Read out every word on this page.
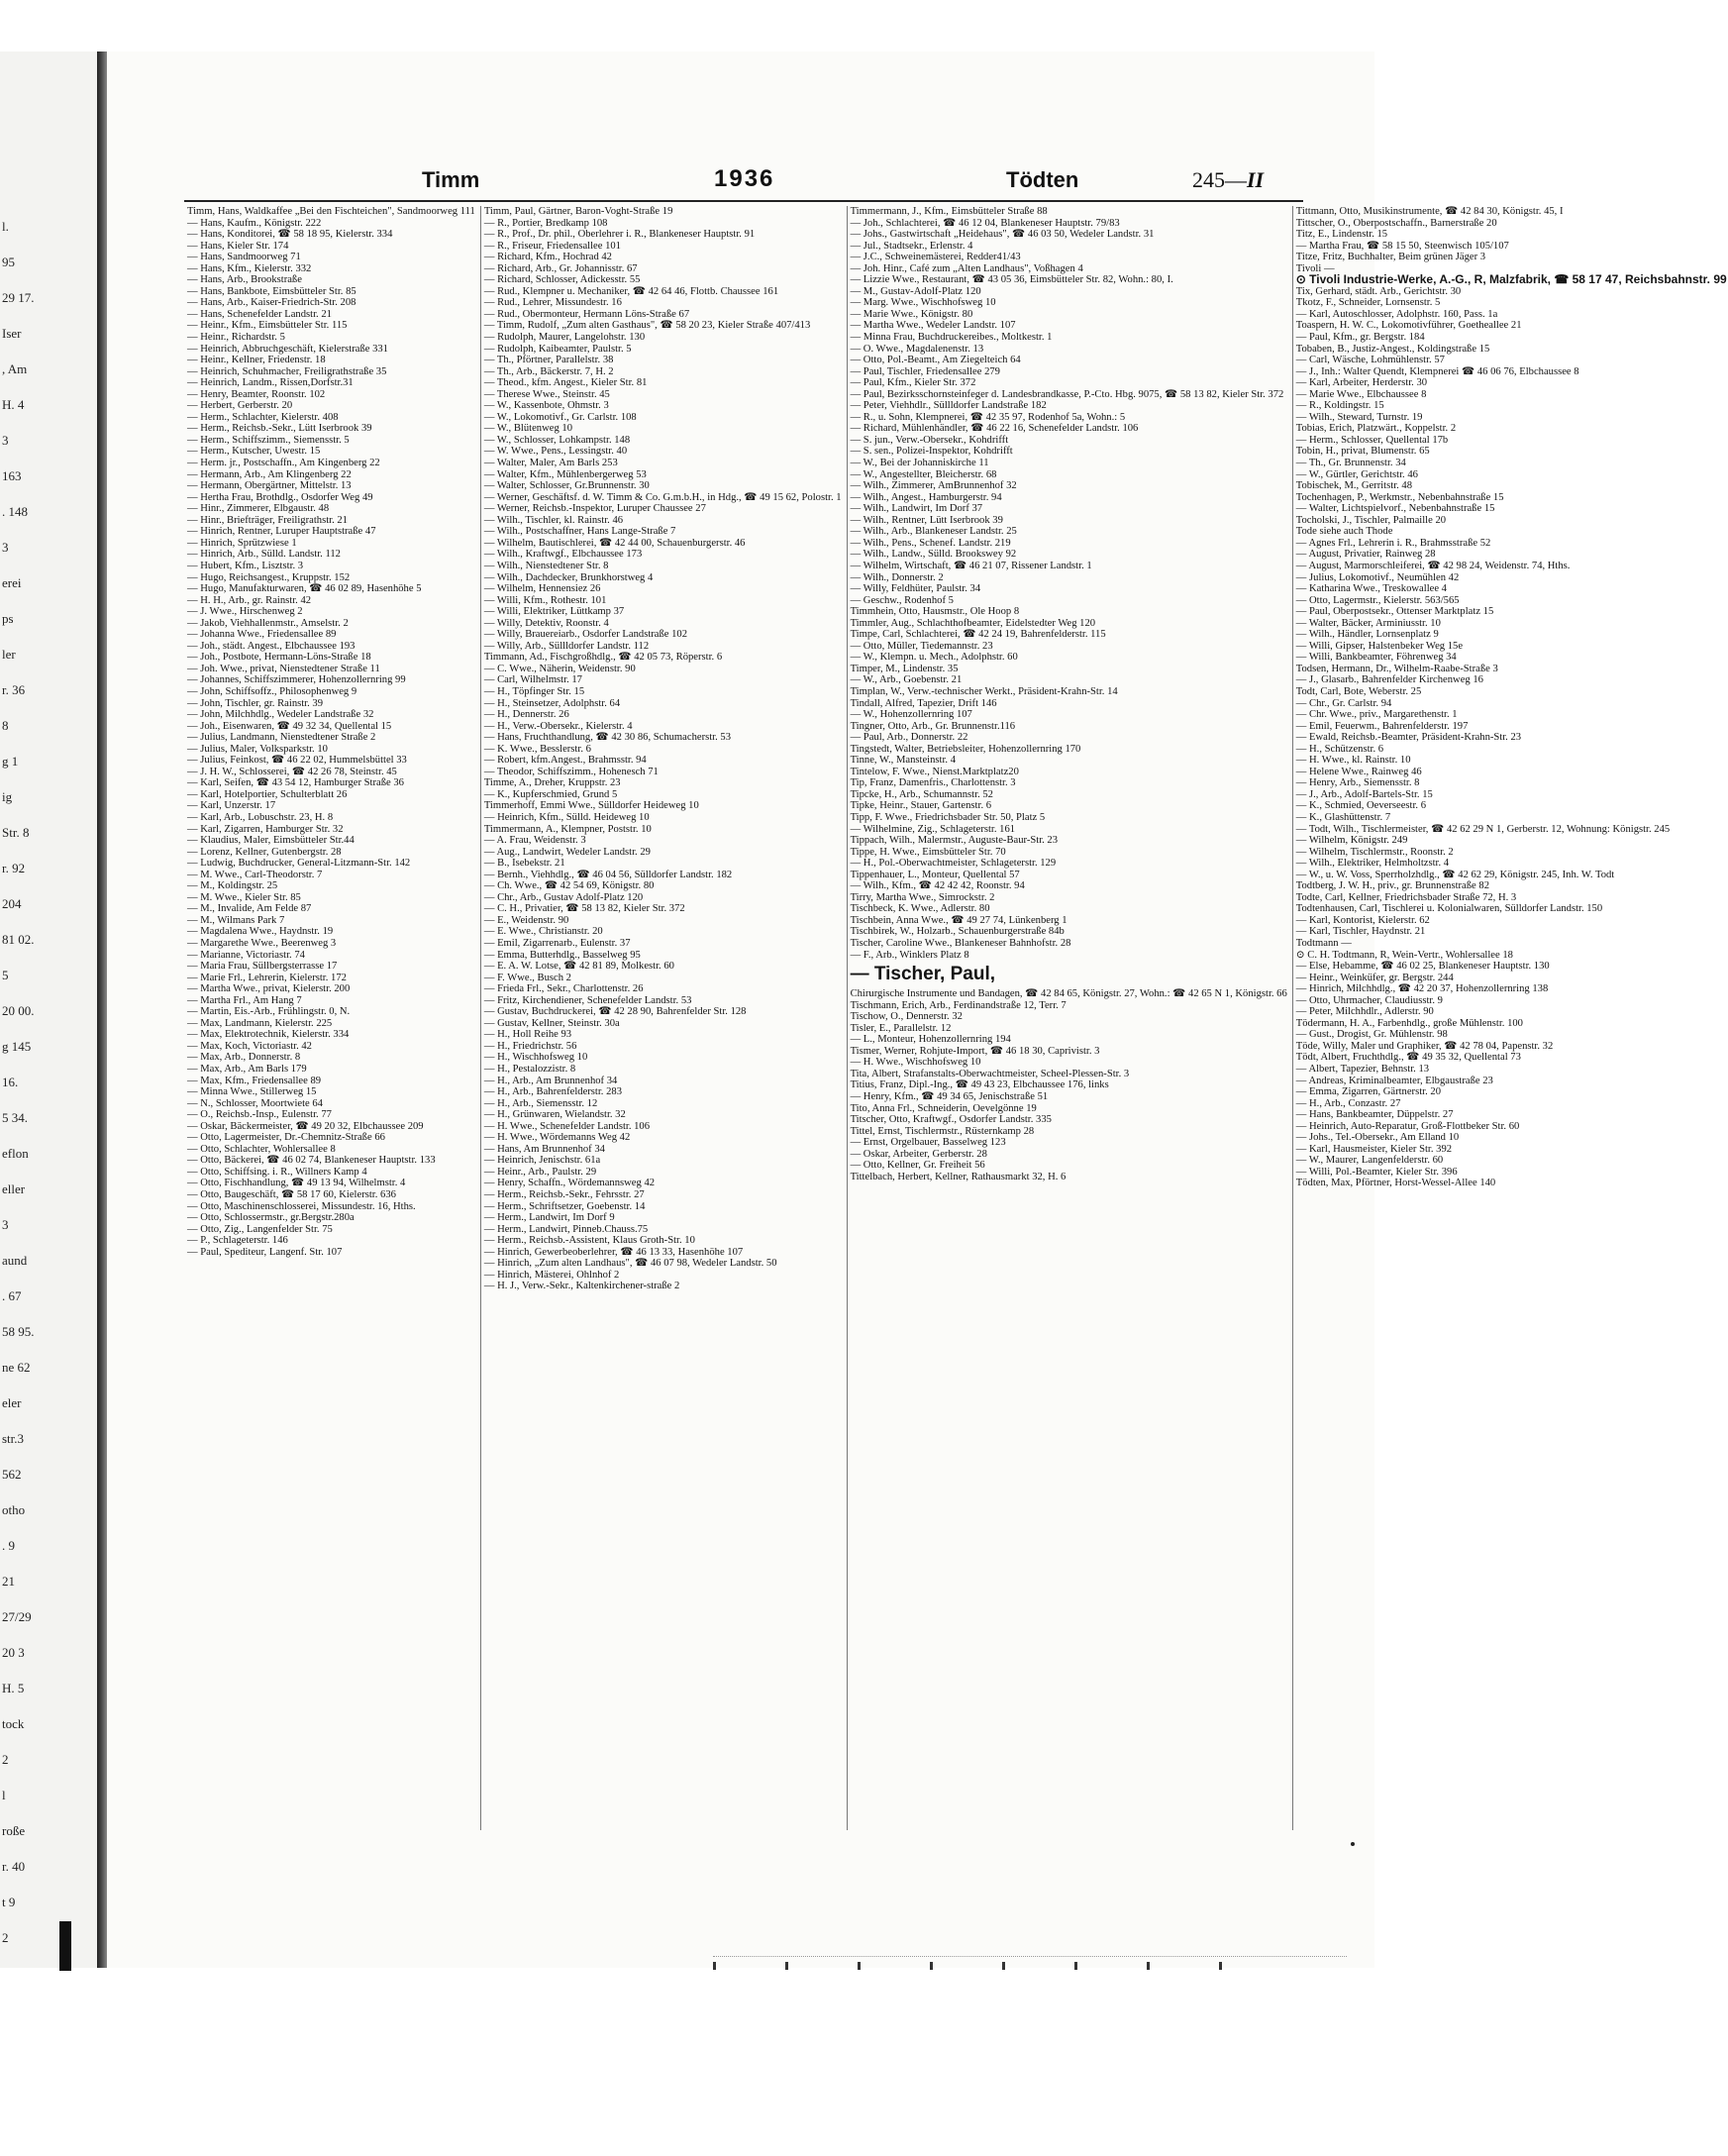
l.
95
29 17.
Iser
, Am
H. 4
3
163
. 148
3
erei
ps
ler
r. 36
8
g 1
ig
Str. 8
r. 92
204
81 02.
5
20 00.
g 145
16.
5 34.
eflon
eller
3
aund
. 67
58 95.
ne 62
eler
str.3
562
otho
. 9
21
27/29
20 3
H. 5
tock
2
l
roße
r. 40
t 9
2
Timm	1936	Tödten	245—II
Timm, Hans, Waldkaffee „Bei den Fischteichen", Sandmoorweg 111
— Hans, Kaufm., Königstr. 222
— Hans, Konditorei, ☎ 58 18 95, Kielerstr. 334
— Hans, Kieler Str. 174
— Hans, Sandmoorweg 71
— Hans, Kfm., Kielerstr. 332
— Hans, Arb., Brookstraße
— Hans, Bankbote, Eimsbütteler Str. 85
— Hans, Arb., Kaiser-Friedrich-Str. 208
— Hans, Schenefelder Landstr. 21
— Heinr., Kfm., Eimsbütteler Str. 115
— Heinr., Richardstr. 5
— Heinrich, Abbruchgeschäft, Kielerstraße 331
— Heinr., Kellner, Friedenstr. 18
— Heinrich, Schuhmacher, Freiligrathstraße 35
— Heinrich, Landm., Rissen,Dorfstr.31
— Henry, Beamter, Roonstr. 102
— Herbert, Gerberstr. 20
— Herm., Schlachter, Kielerstr. 408
— Herm., Reichsb.-Sekr., Lütt Iserbrook 39
— Herm., Schiffszimm., Siemensstr. 5
— Herm., Kutscher, Uwestr. 15
— Herm. jr., Postschaffn., Am Kingenberg 22
— Hermann, Arb., Am Klingenberg 22
— Hermann, Obergärtner, Mittelstr. 13
— Hertha Frau, Brothdlg., Osdorfer Weg 49
— Hinr., Zimmerer, Elbgaustr. 48
— Hinr., Briefträger, Freiligrathstr. 21
— Hinrich, Rentner, Luruper Hauptstraße 47
— Hinrich, Sprützwiese 1
— Hinrich, Arb., Sülld. Landstr. 112
— Hubert, Kfm., Lisztstr. 3
— Hugo, Reichsangest., Kruppstr. 152
— Hugo, Manufakturwaren, ☎ 46 02 89, Hasenhöhe 5
— H. H., Arb., gr. Rainstr. 42
— J. Wwe., Hirschenweg 2
— Jakob, Viehhallenmstr., Amselstr. 2
— Johanna Wwe., Friedensallee 89
— Joh., städt. Angest., Elbchaussee 193
— Joh., Postbote, Hermann-Löns-Straße 18
— Joh. Wwe., privat, Nienstedtener Straße 11
— Johannes, Schiffszimmerer, Hohenzollernring 99
— John, Schiffsoffz., Philosophenweg 9
— John, Tischler, gr. Rainstr. 39
— John, Milchhdlg., Wedeler Landstraße 32
— Joh., Eisenwaren, ☎ 49 32 34, Quellental 15
— Julius, Landmann, Nienstedtener Straße 2
— Julius, Maler, Volksparkstr. 10
— Julius, Feinkost, ☎ 46 22 02, Hummelsbüttel 33
— J. H. W., Schlosserei, ☎ 42 26 78, Steinstr. 45
— Karl, Seifen, ☎ 43 54 12, Hamburger Straße 36
— Karl, Hotelportier, Schulterblatt 26
— Karl, Unzerstr. 17
— Karl, Arb., Lobuschstr. 23, H. 8
— Karl, Zigarren, Hamburger Str. 32
— Klaudius, Maler, Eimsbütteler Str.44
— Lorenz, Kellner, Gutenbergstr. 28
— Ludwig, Buchdrucker, General-Litzmann-Str. 142
— M. Wwe., Carl-Theodorstr. 7
— M., Koldingstr. 25
— M. Wwe., Kieler Str. 85
— M., Invalide, Am Felde 87
— M., Wilmans Park 7
— Magdalena Wwe., Haydnstr. 19
— Margarethe Wwe., Beerenweg 3
— Marianne, Victoriastr. 74
— Maria Frau, Süllbergsterrasse 17
— Marie Frl., Lehrerin, Kielerstr. 172
— Martha Wwe., privat, Kielerstr. 200
— Martha Frl., Am Hang 7
— Martin, Eis.-Arb., Frühlingstr. 0, N.
— Max, Landmann, Kielerstr. 225
— Max, Elektrotechnik, Kielerstr. 334
— Max, Koch, Victoriastr. 42
— Max, Arb., Donnerstr. 8
— Max, Arb., Am Barls 179
— Max, Kfm., Friedensallee 89
— Minna Wwe., Stillerweg 15
— N., Schlosser, Moortwiete 64
— O., Reichsb.-Insp., Eulenstr. 77
— Oskar, Bäckermeister, ☎ 49 20 32, Elbchaussee 209
— Otto, Lagermeister, Dr.-Chemnitz-Straße 66
— Otto, Schlachter, Wohlersallee 8
— Otto, Bäckerei, ☎ 46 02 74, Blankeneser Hauptstr. 133
— Otto, Schiffsing. i. R., Willners Kamp 4
— Otto, Fischhandlung, ☎ 49 13 94, Wilhelmstr. 4
— Otto, Baugeschäft, ☎ 58 17 60, Kielerstr. 636
— Otto, Maschinenschlosserei, Missundestr. 16, Hths.
— Otto, Schlossermstr., gr.Bergstr.280a
— Otto, Zig., Langenfelder Str. 75
— P., Schlageterstr. 146
— Paul, Spediteur, Langenf. Str. 107
Timm, Paul, Gärtner, Baron-Voght-Straße 19
— R., Portier, Bredkamp 108
— R., Prof., Dr. phil., Oberlehrer i. R., Blankeneser Hauptstr. 91
— R., Friseur, Friedensallee 101
— Richard, Kfm., Hochrad 42
— Richard, Arb., Gr. Johannisstr. 67
— Richard, Schlosser, Adickesstr. 55
— Rud., Klempner u. Mechaniker, ☎ 42 64 46, Flottb. Chaussee 161
— Rud., Lehrer, Missundestr. 16
— Rud., Obermonteur, Hermann Löns-Straße 67
— Timm, Rudolf, „Zum alten Gasthaus", ☎ 58 20 23, Kieler Straße 407/413
— Rudolph, Maurer, Langelohstr. 130
— Rudolph, Kaibeamter, Paulstr. 5
— Th., Pförtner, Parallelstr. 38
— Th., Arb., Bäckerstr. 7, H. 2
— Theod., kfm. Angest., Kieler Str. 81
— Therese Wwe., Steinstr. 45
— W., Kassenbote, Ohmstr. 3
— W., Lokomotivf., Gr. Carlstr. 108
— W., Blütenweg 10
— W., Schlosser, Lohkampstr. 148
— W. Wwe., Pens., Lessingstr. 40
— Walter, Maler, Am Barls 253
— Walter, Kfm., Mühlenbergerweg 53
— Walter, Schlosser, Gr.Brunnenstr. 30
— Werner, Geschäftsf. d. W. Timm & Co. G.m.b.H., in Hdg., ☎ 49 15 62, Polostr. 1
— Werner, Reichsb.-Inspektor, Luruper Chaussee 27
— Wilh., Tischler, kl. Rainstr. 46
— Wilh., Postschaffner, Hans Lange-Straße 7
— Wilhelm, Bautischlerei, ☎ 42 44 00, Schauenburgerstr. 46
— Wilh., Kraftwgf., Elbchaussee 173
— Wilh., Nienstedtener Str. 8
— Wilh., Dachdecker, Brunkhorstweg 4
— Wilhelm, Hennensiez 26
— Willi, Kfm., Rothestr. 101
— Willi, Elektriker, Lüttkamp 37
— Willy, Detektiv, Roonstr. 4
— Willy, Brauereiarb., Osdorfer Landstraße 102
— Willy, Arb., Süllldorfer Landstr. 112
Timmann, Ad., Fischgroßhdlg., ☎ 42 05 73, Röperstr. 6
— C. Wwe., Näherin, Weidenstr. 90
— Carl, Wilhelmstr. 17
— H., Töpfinger Str. 15
— H., Steinsetzer, Adolphstr. 64
— H., Dennerstr. 26
— H., Verw.-Obersekr., Kielerstr. 4
— Hans, Fruchthandlung, ☎ 42 30 86, Schumacherstr. 53
— K. Wwe., Besslerstr. 6
— Robert, kfm.Angest., Brahmsstr. 94
— Theodor, Schiffszimm., Hohenesch 71
Timme, A., Dreher, Kruppstr. 23
— K., Kupferschmied, Grund 5
Timmerhoff, Emmi Wwe., Sülldorfer Heideweg 10
— Heinrich, Kfm., Sülld. Heideweg 10
Timmermann, A., Klempner, Poststr. 10
— A. Frau, Weidenstr. 3
— Aug., Landwirt, Wedeler Landstr. 29
— B., Isebekstr. 21
— Bernh., Viehhdlg., ☎ 46 04 56, Sülldorfer Landstr. 182
— Ch. Wwe., ☎ 42 54 69, Königstr. 80
— Chr., Arb., Gustav Adolf-Platz 120
— C. H., Privatier, ☎ 58 13 82, Kieler Str. 372
— E., Weidenstr. 90
— E. Wwe., Christianstr. 20
— Emil, Zigarrenarb., Eulenstr. 37
— Emma, Butterhdlg., Basselweg 95
— E. A. W. Lotse, ☎ 42 81 89, Molkestr. 60
— F. Wwe., Busch 2
— Frieda Frl., Sekr., Charlottenstr. 26
— Fritz, Kirchendiener, Schenefelder Landstr. 53
— Gustav, Buchdruckerei, ☎ 42 28 90, Bahrenfelder Str. 128
— Gustav, Kellner, Steinstr. 30a
— H., Holl Reihe 93
— H., Friedrichstr. 56
— H., Wischhofsweg 10
— H., Pestalozzistr. 8
— H., Arb., Am Brunnenhof 34
— H., Arb., Bahrenfelderstr. 283
— H., Arb., Siemensstr. 12
— H., Grünwaren, Wielandstr. 32
— H. Wwe., Schenefelder Landstr. 106
— H. Wwe., Wördemanns Weg 42
— Hans, Am Brunnenhof 34
— Heinrich, Jenischstr. 61a
— Heinr., Arb., Paulstr. 29
— Henry, Schaffn., Wördemannsweg 42
— Herm., Reichsb.-Sekr., Fehrsstr. 27
— Herm., Schriftsetzer, Goebenstr. 14
— Herm., Landwirt, Im Dorf 9
— Herm., Landwirt, Pinneb.Chauss.75
— Herm., Reichsb.-Assistent, Klaus Groth-Str. 10
— Hinrich, Gewerbeoberlehrer, ☎ 46 13 33, Hasenhöhe 107
— Hinrich, „Zum alten Landhaus", ☎ 46 07 98, Wedeler Landstr. 50
— Hinrich, Mästerei, Ohlnhof 2
— H. J., Verw.-Sekr., Kaltenkirchener-straße 2
Timmermann, J., Kfm., Eimsbütteler Straße 88
— Joh., Schlachterei, ☎ 46 12 04, Blankeneser Hauptstr. 79/83
— Johs., Gastwirtschaft „Heidehaus", ☎ 46 03 50, Wedeler Landstr. 31
— Jul., Stadtsekr., Erlenstr. 4
— J.C., Schweinemästerei, Redder41/43
— Joh. Hinr., Café zum „Alten Landhaus", Voßhagen 4
— Lizzie Wwe., Restaurant, ☎ 43 05 36, Eimsbütteler Str. 82, Wohn.: 80, I.
— M., Gustav-Adolf-Platz 120
— Marg. Wwe., Wischhofsweg 10
— Marie Wwe., Königstr. 80
— Martha Wwe., Wedeler Landstr. 107
— Minna Frau, Buchdruckereibes., Moltkestr. 1
— O. Wwe., Magdalenenstr. 13
— Otto, Pol.-Beamt., Am Ziegelteich 64
— Paul, Tischler, Friedensallee 279
— Paul, Kfm., Kieler Str. 372
— Paul, Bezirksschornsteinfeger d. Landesbrandkasse, P.-Cto. Hbg. 9075, ☎ 58 13 82, Kieler Str. 372
— Peter, Viehhdlr., Süllldorfer Landstraße 182
— R., u. Sohn, Klempnerei, ☎ 42 35 97, Rodenhof 5a, Wohn.: 5
— Richard, Mühlenhändler, ☎ 46 22 16, Schenefelder Landstr. 106
— S. jun., Verw.-Obersekr., Kohdrifft
— S. sen., Polizei-Inspektor, Kohdrifft
— W., Bei der Johanniskirche 11
— W., Angestellter, Bleicherstr. 68
— Wilh., Zimmerer, AmBrunnenhof 32
— Wilh., Angest., Hamburgerstr. 94
— Wilh., Landwirt, Im Dorf 37
— Wilh., Rentner, Lütt Iserbrook 39
— Wilh., Arb., Blankeneser Landstr. 25
— Wilh., Pens., Schenef. Landstr. 219
— Wilh., Landw., Sülld. Brookswey 92
— Wilhelm, Wirtschaft, ☎ 46 21 07, Rissener Landstr. 1
— Wilh., Donnerstr. 2
— Willy, Feldhüter, Paulstr. 34
— Geschw., Rodenhof 5
Timmhein, Otto, Hausmstr., Ole Hoop 8
Timmler, Aug., Schlachthofbeamter, Eidelstedter Weg 120
Timpe, Carl, Schlachterei, ☎ 42 24 19, Bahrenfelderstr. 115
— Otto, Müller, Tiedemannstr. 23
— W., Klempn. u. Mech., Adolphstr. 60
Timper, M., Lindenstr. 35
— W., Arb., Goebenstr. 21
Timplan, W., Verw.-technischer Werkt., Präsident-Krahn-Str. 14
Tindall, Alfred, Tapezier, Drift 146
— W., Hohenzollernring 107
Tingner, Otto, Arb., Gr. Brunnenstr.116
— Paul, Arb., Donnerstr. 22
Tingstedt, Walter, Betriebsleiter, Hohenzollernring 170
Tinne, W., Mansteinstr. 4
Tintelow, F. Wwe., Nienst.Marktplatz20
Tip, Franz, Damenfris., Charlottenstr. 3
Tipcke, H., Arb., Schumannstr. 52
Tipke, Heinr., Stauer, Gartenstr. 6
Tipp, F. Wwe., Friedrichsbader Str. 50, Platz 5
— Wilhelmine, Zig., Schlageterstr. 161
Tippach, Wilh., Malermstr., Auguste-Baur-Str. 23
Tippe, H. Wwe., Eimsbütteler Str. 70
— H., Pol.-Oberwachtmeister, Schlageterstr. 129
Tippenhauer, L., Monteur, Quellental 57
— Wilh., Kfm., ☎ 42 42 42, Roonstr. 94
Tirry, Martha Wwe., Simrockstr. 2
Tischbeck, K. Wwe., Adlerstr. 80
Tischbein, Anna Wwe., ☎ 49 27 74, Lünkenberg 1
Tischbirek, W., Holzarb., Schauenburgerstraße 84b
Tischer, Caroline Wwe., Blankeneser Bahnhofstr. 28
— F., Arb., Winklers Platz 8
— Tischer, Paul,
Chirurgische Instrumente und Bandagen, ☎ 42 84 65, Königstr. 27, Wohn.: ☎ 42 65 N 1, Königstr. 66
Tischmann, Erich, Arb., Ferdinandstraße 12, Terr. 7
Tischow, O., Dennerstr. 32
Tisler, E., Parallelstr. 12
— L., Monteur, Hohenzollernring 194
Tismer, Werner, Rohjute-Import, ☎ 46 18 30, Caprivistr. 3
— H. Wwe., Wischhofsweg 10
Tita, Albert, Strafanstalts-Oberwachtmeister, Scheel-Plessen-Str. 3
Titius, Franz, Dipl.-Ing., ☎ 49 43 23, Elbchaussee 176, links
— Henry, Kfm., ☎ 49 34 65, Jenischstraße 51
Tito, Anna Frl., Schneiderin, Oevelgönne 19
Titscher, Otto, Kraftwgf., Osdorfer Landstr. 335
Tittel, Ernst, Tischlermstr., Rüsternkamp 28
— Ernst, Orgelbauer, Basselweg 123
— Oskar, Arbeiter, Gerberstr. 28
— Otto, Kellner, Gr. Freiheit 56
Tittelbach, Herbert, Kellner, Rathausmarkt 32, H. 6
Tittmann, Otto, Musikinstrumente, ☎ 42 84 30, Königstr. 45, I
Tittscher, O., Oberpostschaffn., Barnerstraße 20
Titz, E., Lindenstr. 15
— Martha Frau, ☎ 58 15 50, Steenwisch 105/107
Titze, Fritz, Buchhalter, Beim grünen Jäger 3
Tivoli —
⊙ Tivoli Industrie-Werke, A.-G., R, Malzfabrik, ☎ 58 17 47, Reichsbahnstr. 99
Tix, Gerhard, städt. Arb., Gerichtstr. 30
Tkotz, F., Schneider, Lornsenstr. 5
— Karl, Autoschlosser, Adolphstr. 160, Pass. 1a
Toaspern, H. W. C., Lokomotivführer, Goetheallee 21
— Paul, Kfm., gr. Bergstr. 184
Tobaben, B., Justiz-Angest., Koldingstraße 15
— Carl, Wäsche, Lohmühlenstr. 57
— J., Inh.: Walter Quendt, Klempnerei ☎ 46 06 76, Elbchaussee 8
— Karl, Arbeiter, Herderstr. 30
— Marie Wwe., Elbchaussee 8
— R., Koldingstr. 15
— Wilh., Steward, Turnstr. 19
Tobias, Erich, Platzwärt., Koppelstr. 2
— Herm., Schlosser, Quellental 17b
Tobin, H., privat, Blumenstr. 65
— Th., Gr. Brunnenstr. 34
— W., Gürtler, Gerichtstr. 46
Tobischek, M., Gerritstr. 48
Tochenhagen, P., Werkmstr., Nebenbahnstraße 15
— Walter, Lichtspielvorf., Nebenbahnstraße 15
Tocholski, J., Tischler, Palmaille 20
Tode siehe auch Thode
— Agnes Frl., Lehrerin i. R., Brahmsstraße 52
— August, Privatier, Rainweg 28
— August, Marmorschleiferei, ☎ 42 98 24, Weidenstr. 74, Hths.
— Julius, Lokomotivf., Neumühlen 42
— Katharina Wwe., Treskowallee 4
— Otto, Lagermstr., Kielerstr. 563/565
— Paul, Oberpostsekr., Ottenser Marktplatz 15
— Walter, Bäcker, Arminiusstr. 10
— Wilh., Händler, Lornsenplatz 9
— Willi, Gipser, Halstenbeker Weg 15e
— Willi, Bankbeamter, Föhrenweg 34
Todsen, Hermann, Dr., Wilhelm-Raabe-Straße 3
— J., Glasarb., Bahrenfelder Kirchenweg 16
Todt, Carl, Bote, Weberstr. 25
— Chr., Gr. Carlstr. 94
— Chr. Wwe., priv., Margarethenstr. 1
— Emil, Feuerwm., Bahrenfelderstr. 197
— Ewald, Reichsb.-Beamter, Präsident-Krahn-Str. 23
— H., Schützenstr. 6
— H. Wwe., kl. Rainstr. 10
— Helene Wwe., Rainweg 46
— Henry, Arb., Siemensstr. 8
— J., Arb., Adolf-Bartels-Str. 15
— K., Schmied, Oeverseestr. 6
— K., Glashüttenstr. 7
— Todt, Wilh., Tischlermeister, ☎ 42 62 29 N 1, Gerberstr. 12, Wohnung: Königstr. 245
— Wilhelm, Königstr. 249
— Wilhelm, Tischlermstr., Roonstr. 2
— Wilh., Elektriker, Helmholtzstr. 4
— W., u. W. Voss, Sperrholzhdlg., ☎ 42 62 29, Königstr. 245, Inh. W. Todt
Todtberg, J. W. H., priv., gr. Brunnenstraße 82
Todte, Carl, Kellner, Friedrichsbader Straße 72, H. 3
Todtenhausen, Carl, Tischlerei u. Kolonialwaren, Sülldorfer Landstr. 150
— Karl, Kontorist, Kielerstr. 62
— Karl, Tischler, Haydnstr. 21
Todtmann —
⊙ C. H. Todtmann, R, Wein-Vertr., Wohlersallee 18
— Else, Hebamme, ☎ 46 02 25, Blankeneser Hauptstr. 130
— Heinr., Weinküfer, gr. Bergstr. 244
— Hinrich, Milchhdlg., ☎ 42 20 37, Hohenzollernring 138
— Otto, Uhrmacher, Claudiusstr. 9
— Peter, Milchhdlr., Adlerstr. 90
Tödermann, H. A., Farbenhdlg., große Mühlenstr. 100
— Gust., Drogist, Gr. Mühlenstr. 98
Töde, Willy, Maler und Graphiker, ☎ 42 78 04, Papenstr. 32
Tödt, Albert, Fruchthdlg., ☎ 49 35 32, Quellental 73
— Albert, Tapezier, Behnstr. 13
— Andreas, Kriminalbeamter, Elbgaustraße 23
— Emma, Zigarren, Gärtnerstr. 20
— H., Arb., Conzastr. 27
— Hans, Bankbeamter, Düppelstr. 27
— Heinrich, Auto-Reparatur, Groß-Flottbeker Str. 60
— Johs., Tel.-Obersekr., Am Elland 10
— Karl, Hausmeister, Kieler Str. 392
— W., Maurer, Langenfelderstr. 60
— Willi, Pol.-Beamter, Kieler Str. 396
Tödten, Max, Pförtner, Horst-Wessel-Allee 140
